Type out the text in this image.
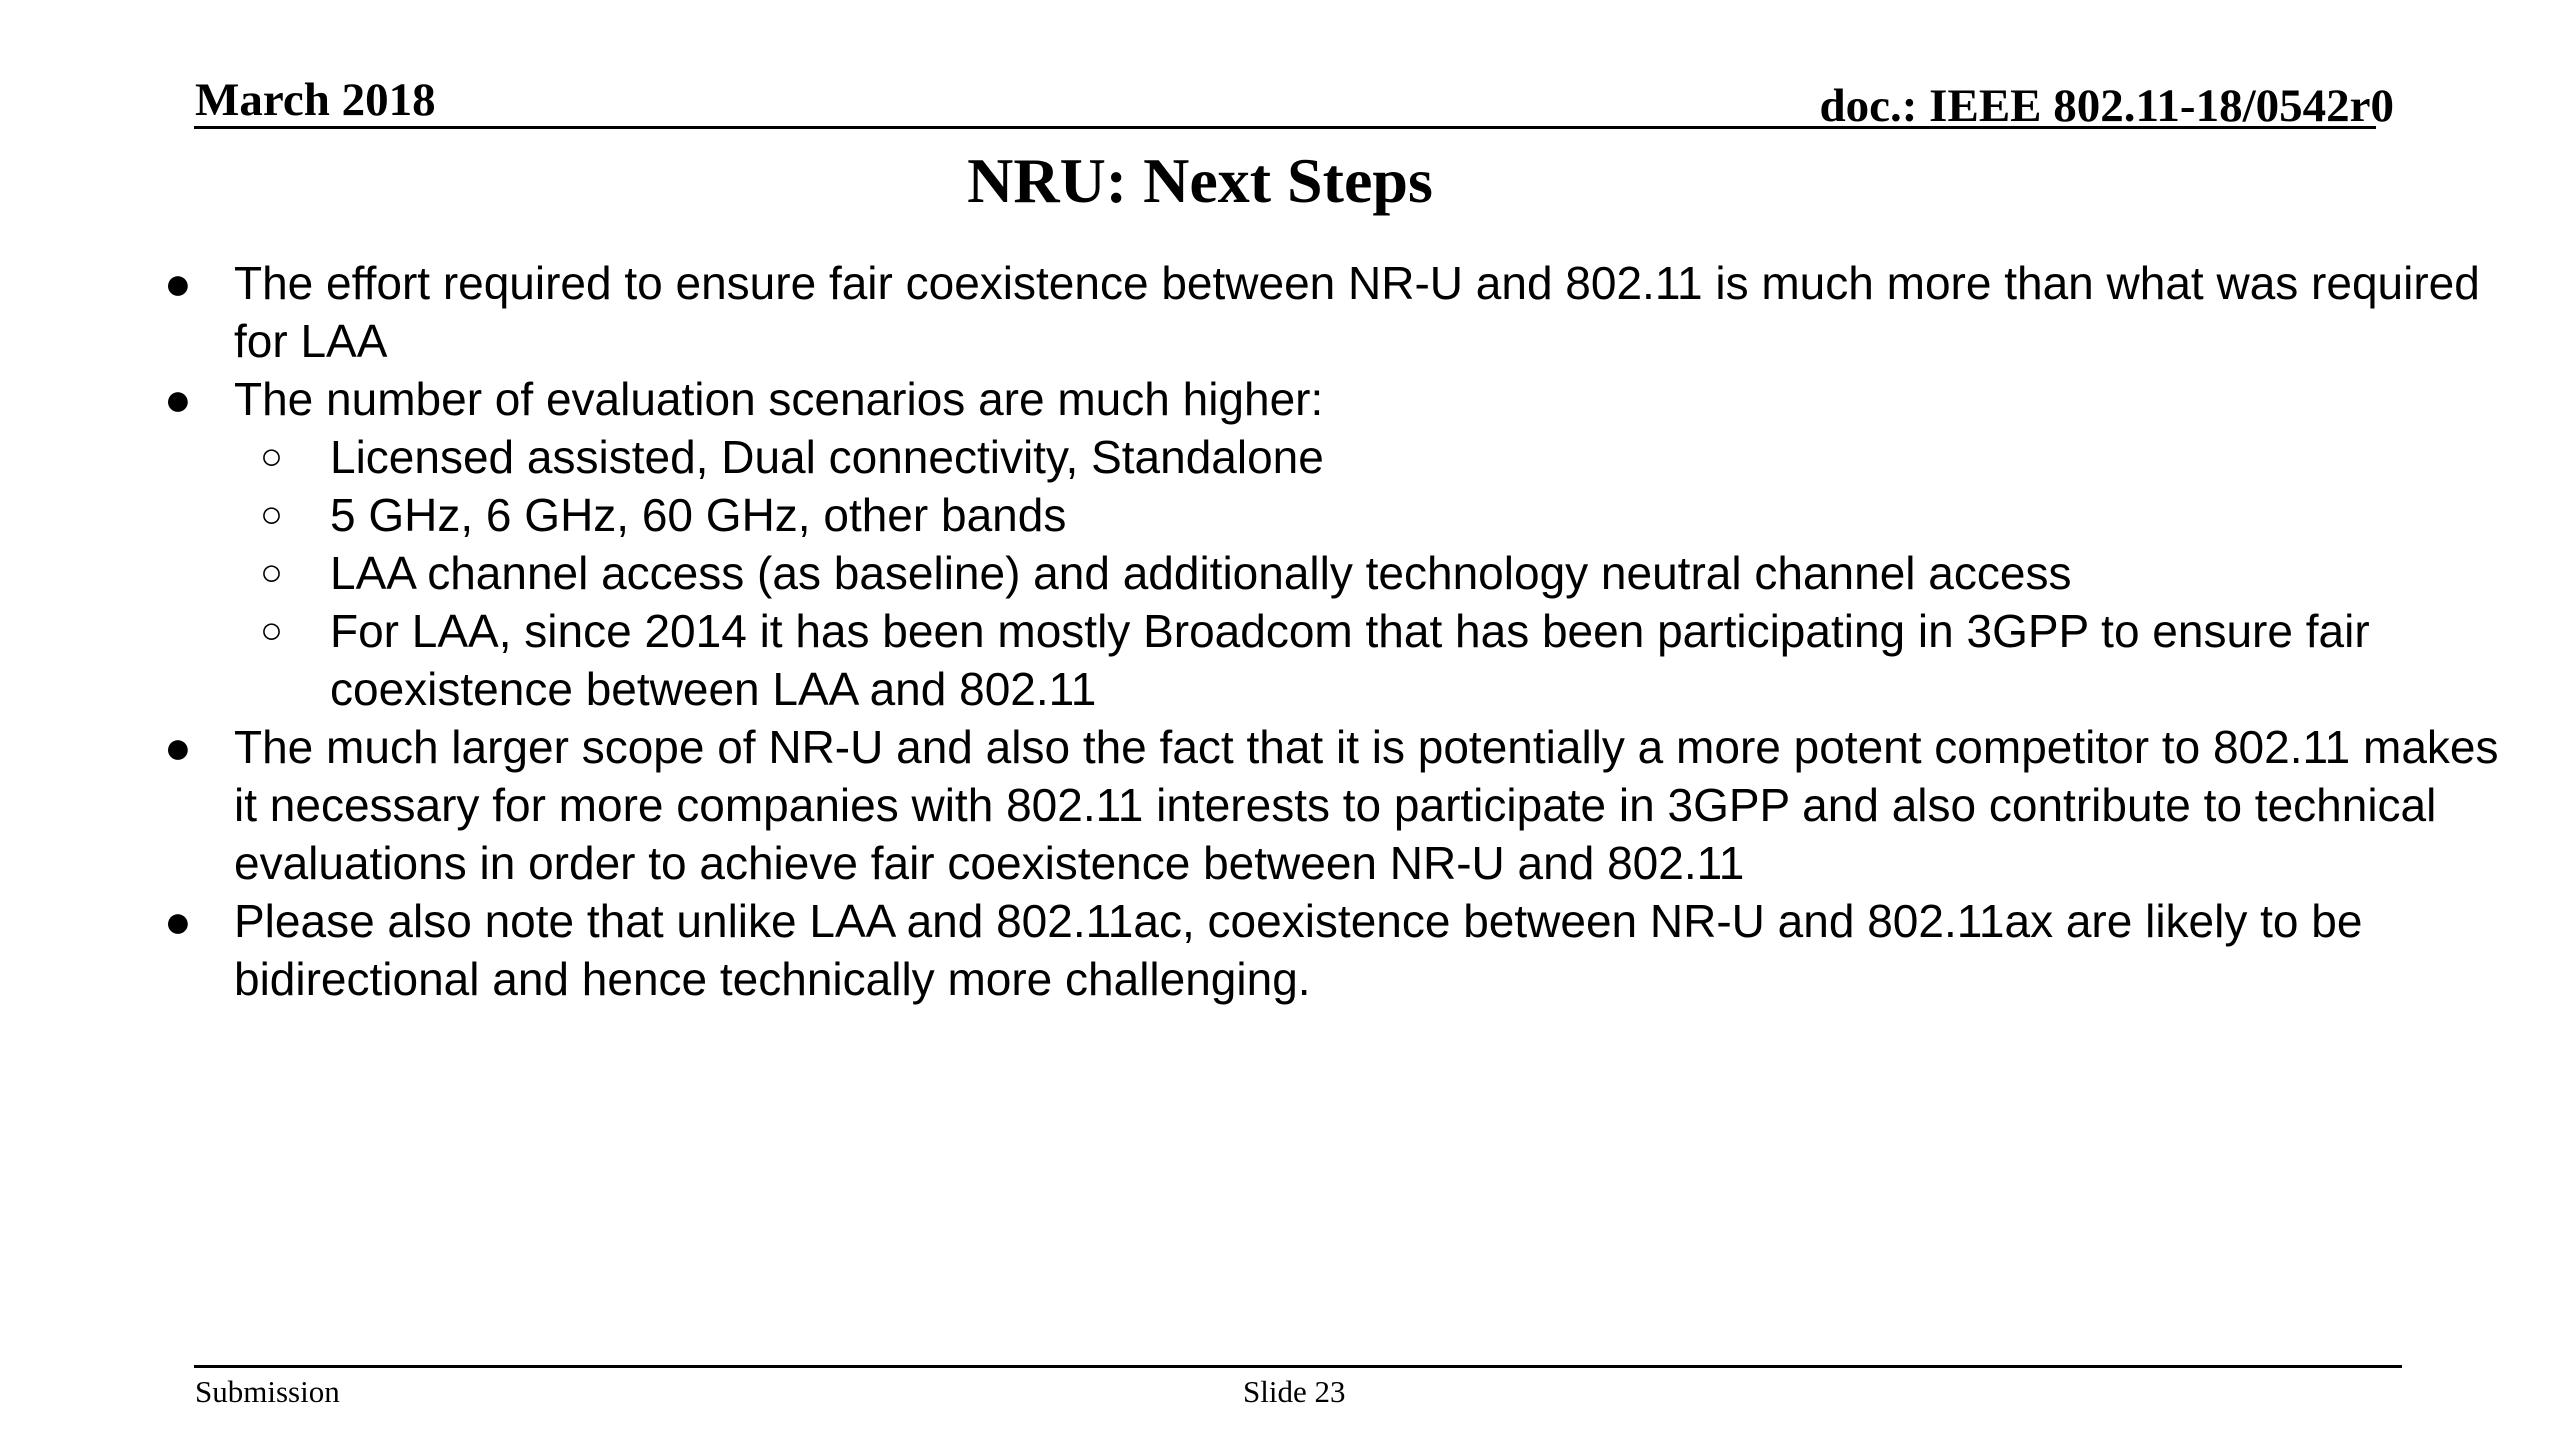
March 2018	doc.: IEEE 802.11-18/0542r0
NRU: Next Steps
● The effort required to ensure fair coexistence between NR-U and 802.11 is much more than what was required for LAA
● The number of evaluation scenarios are much higher:
○ Licensed assisted, Dual connectivity, Standalone
○ 5 GHz, 6 GHz, 60 GHz, other bands
○ LAA channel access (as baseline) and additionally technology neutral channel access
○ For LAA, since 2014 it has been mostly Broadcom that has been participating in 3GPP to ensure fair coexistence between LAA and 802.11
● The much larger scope of NR-U and also the fact that it is potentially a more potent competitor to 802.11 makes it necessary for more companies with 802.11 interests to participate in 3GPP and also contribute to technical evaluations in order to achieve fair coexistence between NR-U and 802.11
● Please also note that unlike LAA and 802.11ac, coexistence between NR-U and 802.11ax are likely to be bidirectional and hence technically more challenging.
Submission	Slide 23
